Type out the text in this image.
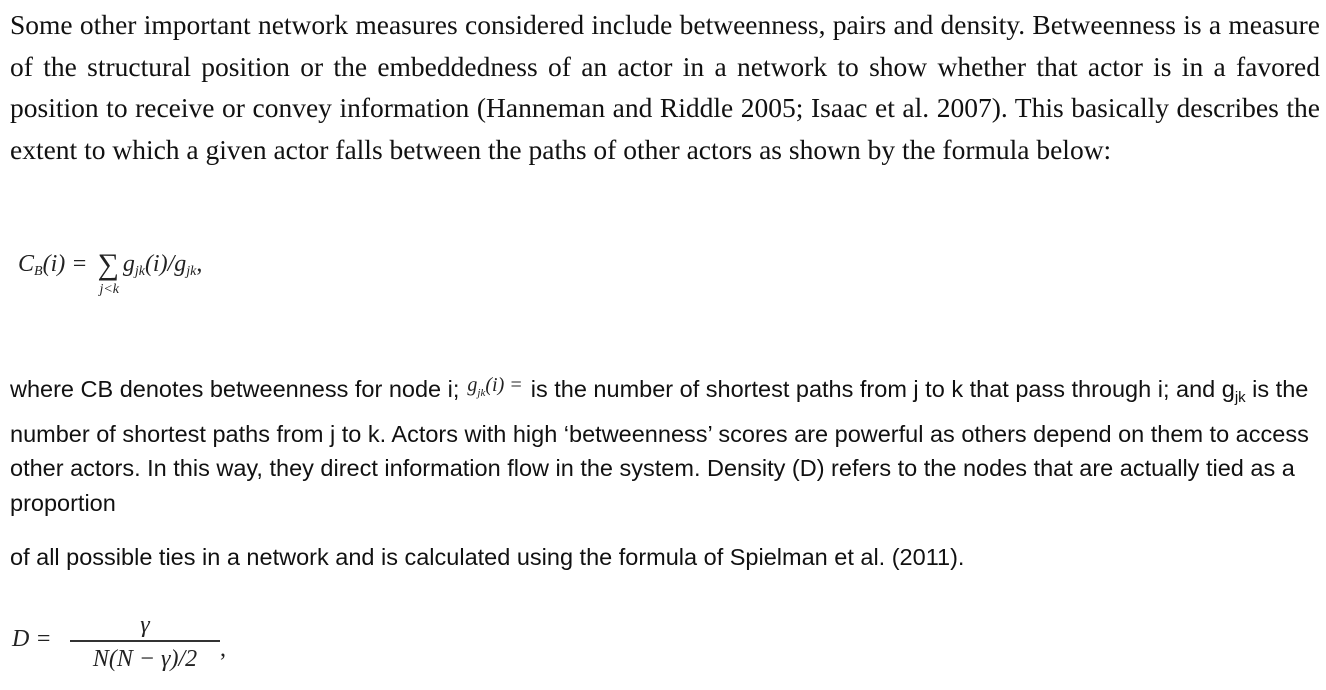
Some other important network measures considered include betweenness, pairs and density. Betweenness is a measure of the structural position or the embeddedness of an actor in a network to show whether that actor is in a favored position to receive or convey information (Hanneman and Riddle 2005; Isaac et al. 2007). This basically describes the extent to which a given actor falls between the paths of other actors as shown by the formula below:

$C_B(i)$ = ∑
j<k
$g_{jk}(i)/g_{jk}$,

where CB denotes betweenness for node i; $g_{jk}(i)$ = is the number of shortest paths from j to k that pass through i; and $g_{jk}$ is the number of shortest paths from j to k. Actors with high ‘betweenness’ scores are powerful as others depend on them to access other actors. In this way, they direct information flow in the system. Density (D) refers to the nodes that are actually tied as a proportion

of all possible ties in a network and is calculated using the formula of Spielman et al. (2011).

D =
γ
N(N − γ)/2 ,
